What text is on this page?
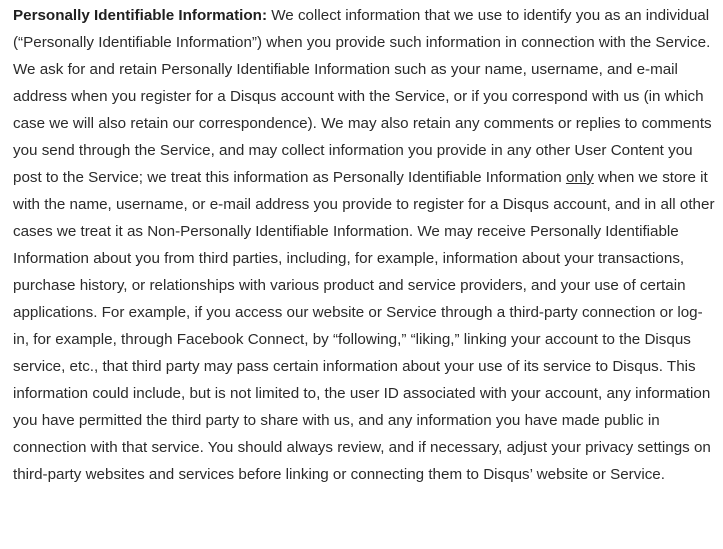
Personally Identifiable Information: We collect information that we use to identify you as an individual (“Personally Identifiable Information”) when you provide such information in connection with the Service. We ask for and retain Personally Identifiable Information such as your name, username, and e-mail address when you register for a Disqus account with the Service, or if you correspond with us (in which case we will also retain our correspondence). We may also retain any comments or replies to comments you send through the Service, and may collect information you provide in any other User Content you post to the Service; we treat this information as Personally Identifiable Information only when we store it with the name, username, or e-mail address you provide to register for a Disqus account, and in all other cases we treat it as Non-Personally Identifiable Information. We may receive Personally Identifiable Information about you from third parties, including, for example, information about your transactions, purchase history, or relationships with various product and service providers, and your use of certain applications. For example, if you access our website or Service through a third-party connection or log-in, for example, through Facebook Connect, by “following,” “liking,” linking your account to the Disqus service, etc., that third party may pass certain information about your use of its service to Disqus. This information could include, but is not limited to, the user ID associated with your account, any information you have permitted the third party to share with us, and any information you have made public in connection with that service. You should always review, and if necessary, adjust your privacy settings on third-party websites and services before linking or connecting them to Disqus’ website or Service.
